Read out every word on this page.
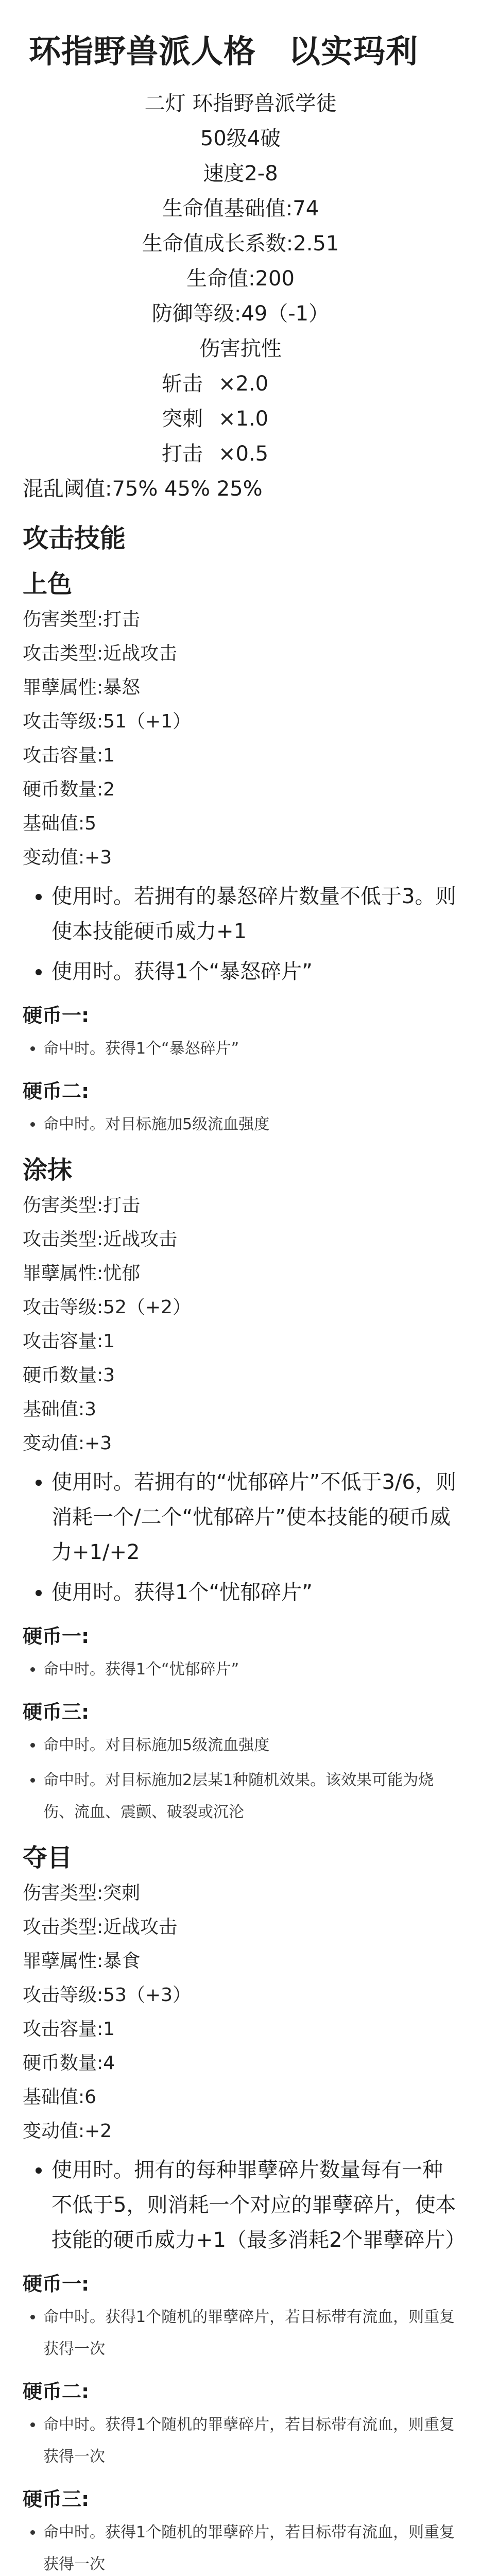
环指野兽派人格　以实玛利
二灯 环指野兽派学徒
50级4破
速度2-8
生命值基础值:74
生命值成长系数:2.51
生命值:200
防御等级:49（-1）
伤害抗性
斩击 ×2.0
突刺 ×1.0
打击 ×0.5
混乱阈值:75% 45% 25%
攻击技能
上色
伤害类型:打击
攻击类型:近战攻击
罪孽属性:暴怒
攻击等级:51（+1）
攻击容量:1
硬币数量:2
基础值:5
变动值:+3
• 使用时。若拥有的暴怒碎片数量不低于3。则使本技能硬币威力+1
• 使用时。获得1个“暴怒碎片”
硬币一:
• 命中时。获得1个“暴怒碎片”
硬币二:
• 命中时。对目标施加5级流血强度
涂抹
伤害类型:打击
攻击类型:近战攻击
罪孽属性:忧郁
攻击等级:52（+2）
攻击容量:1
硬币数量:3
基础值:3
变动值:+3
• 使用时。若拥有的“忧郁碎片”不低于3/6，则消耗一个/二个“忧郁碎片”使本技能的硬币威力+1/+2
• 使用时。获得1个“忧郁碎片”
硬币一:
• 命中时。获得1个“忧郁碎片”
硬币三:
• 命中时。对目标施加5级流血强度
• 命中时。对目标施加2层某1种随机效果。该效果可能为烧伤、流血、震颤、破裂或沉沦
夺目
伤害类型:突刺
攻击类型:近战攻击
罪孽属性:暴食
攻击等级:53（+3）
攻击容量:1
硬币数量:4
基础值:6
变动值:+2
• 使用时。拥有的每种罪孽碎片数量每有一种不低于5，则消耗一个对应的罪孽碎片，使本技能的硬币威力+1（最多消耗2个罪孽碎片）
硬币一:
• 命中时。获得1个随机的罪孽碎片，若目标带有流血，则重复获得一次
硬币二:
• 命中时。获得1个随机的罪孽碎片，若目标带有流血，则重复获得一次
硬币三:
• 命中时。获得1个随机的罪孽碎片，若目标带有流血，则重复获得一次
